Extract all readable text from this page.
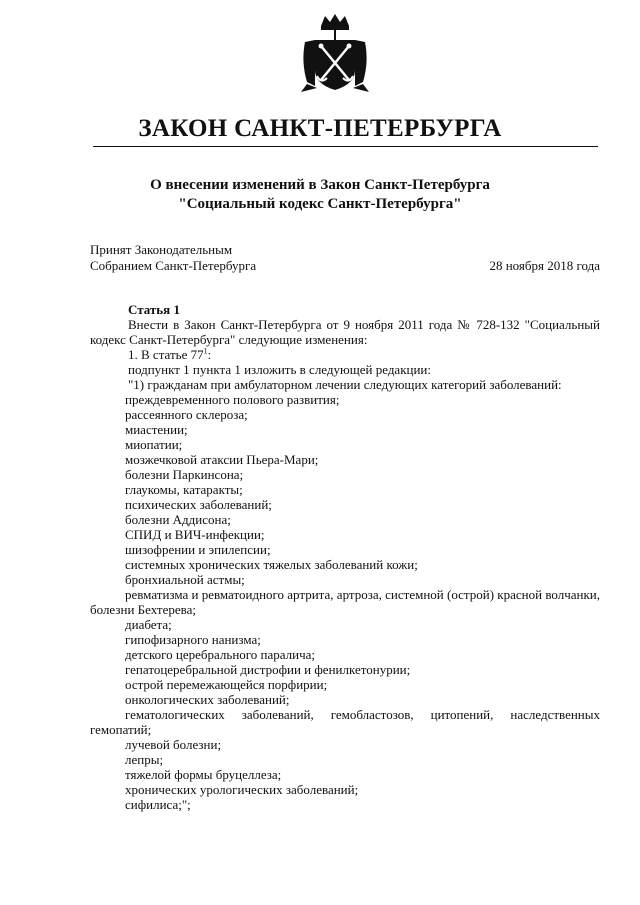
ЗАКОН САНКТ-ПЕТЕРБУРГА
О внесении изменений в Закон Санкт-Петербурга
"Социальный кодекс Санкт-Петербурга"
Принят Законодательным
Собранием Санкт-Петербурга	28 ноября 2018 года
Статья 1
Внести в Закон Санкт-Петербурга от 9 ноября 2011 года № 728-132 "Социальный
кодекс Санкт-Петербурга" следующие изменения:
1. В статье $77^1$:
подпункт 1 пункта 1 изложить в следующей редакции:
"1) гражданам при амбулаторном лечении следующих категорий заболеваний:
преждевременного полового развития;
рассеянного склероза;
миастении;
миопатии;
мозжечковой атаксии Пьера-Мари;
болезни Паркинсона;
глаукомы, катаракты;
психических заболеваний;
болезни Аддисона;
СПИД и ВИЧ-инфекции;
шизофрении и эпилепсии;
системных хронических тяжелых заболеваний кожи;
бронхиальной астмы;
ревматизма и ревматоидного артрита, артроза, системной (острой) красной волчанки,
болезни Бехтерева;
диабета;
гипофизарного нанизма;
детского церебрального паралича;
гепатоцеребральной дистрофии и фенилкетонурии;
острой перемежающейся порфирии;
онкологических заболеваний;
гематологических заболеваний, гемобластозов, цитопений, наследственных
гемопатий;
лучевой болезни;
лепры;
тяжелой формы бруцеллеза;
хронических урологических заболеваний;
сифилиса;";
